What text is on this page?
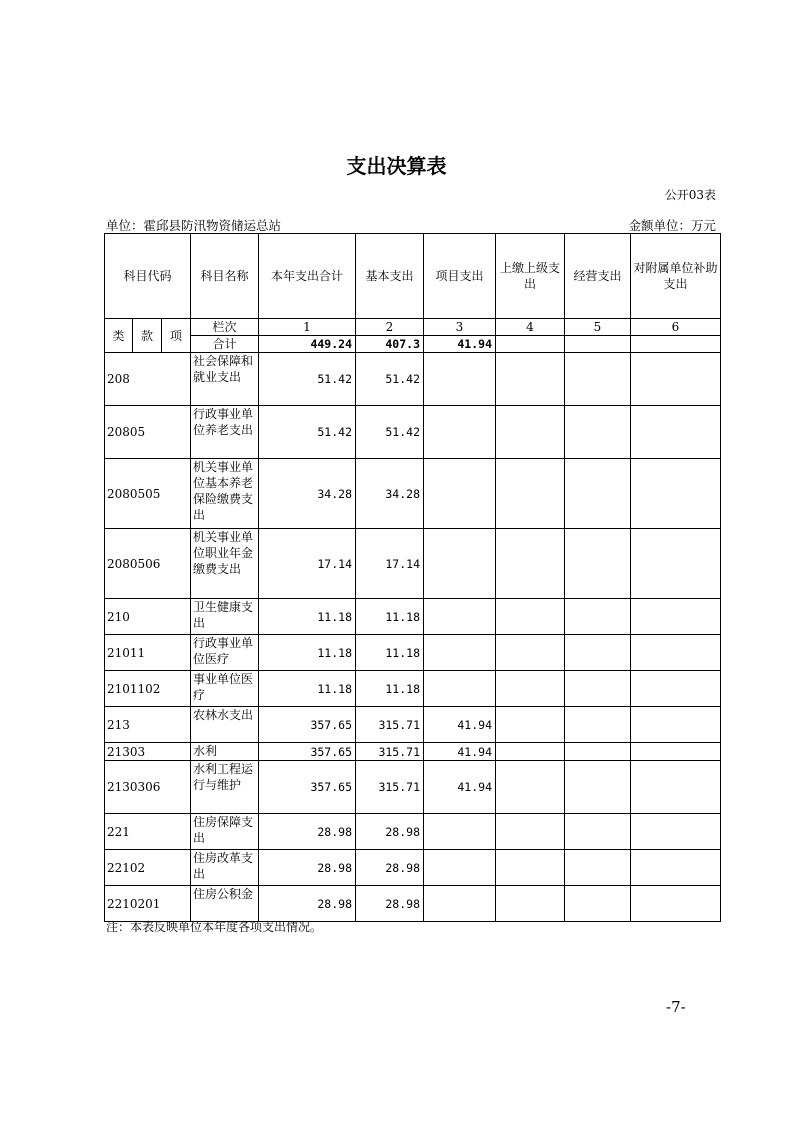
支出决算表
公开03表
单位：霍邱县防汛物资储运总站	金额单位：万元
科目代码			科目名称	本年支出合计	基本支出	项目支出	上缴上级支出	经营支出	对附属单位补助支出
类	款	项	栏次	1	2	3	4	5	6
			合计	449.24	407.3	41.94			
208			社会保障和就业支出	51.42	51.42				
20805			行政事业单位养老支出	51.42	51.42				
2080505			机关事业单位基本养老保险缴费支出	34.28	34.28				
2080506			机关事业单位职业年金缴费支出	17.14	17.14				
210			卫生健康支出	11.18	11.18				
21011			行政事业单位医疗	11.18	11.18				
2101102			事业单位医疗	11.18	11.18				
213			农林水支出	357.65	315.71	41.94			
21303			水利	357.65	315.71	41.94			
2130306			水利工程运行与维护	357.65	315.71	41.94			
221			住房保障支出	28.98	28.98				
22102			住房改革支出	28.98	28.98				
2210201			住房公积金	28.98	28.98				
注：本表反映单位本年度各项支出情况。
-7-
